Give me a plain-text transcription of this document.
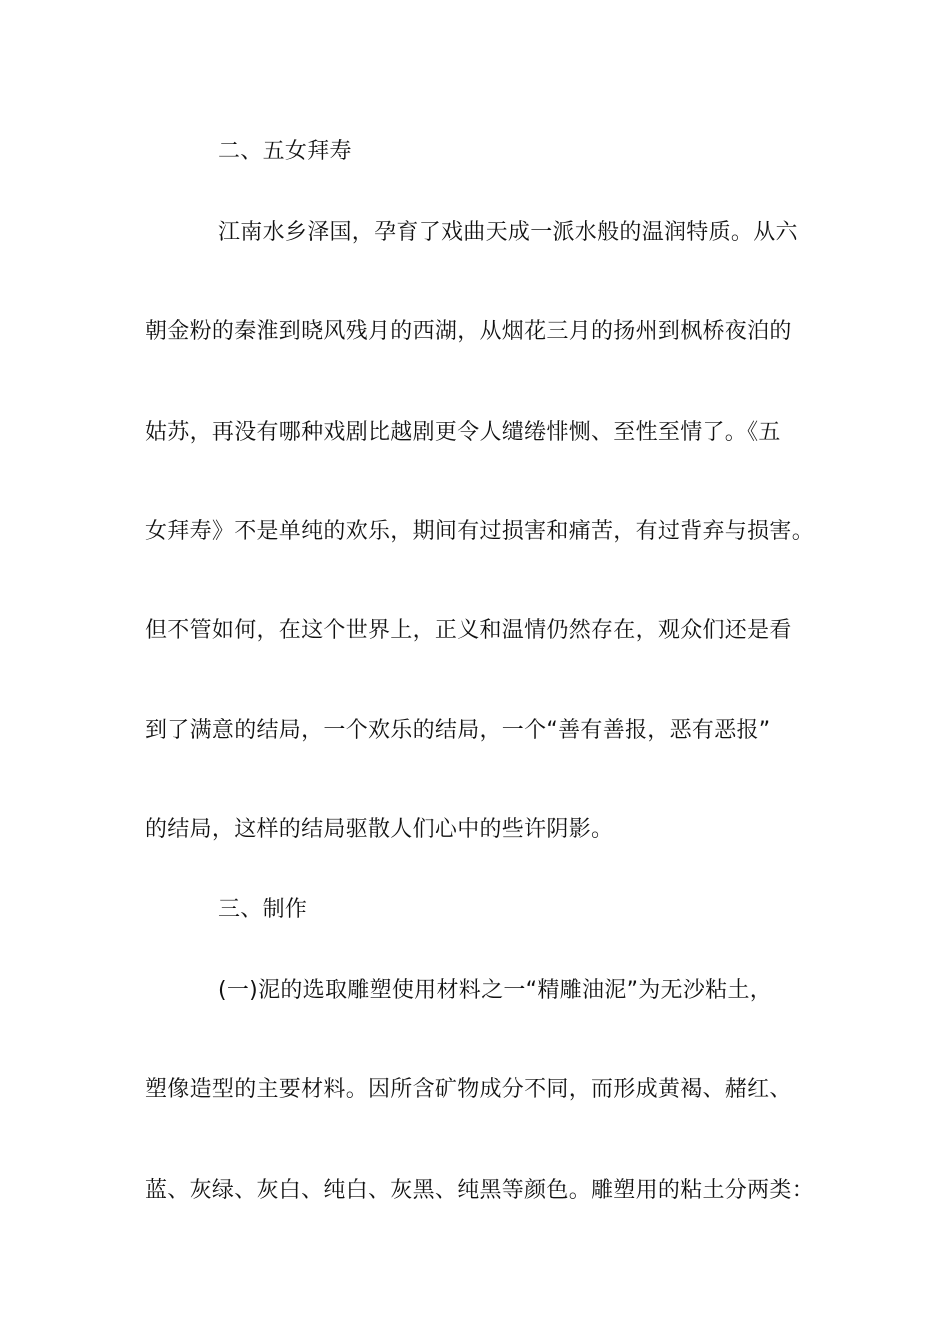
二、五女拜寿
江南水乡泽国，孕育了戏曲天成一派水般的温润特质。从六
朝金粉的秦淮到晓风残月的西湖，从烟花三月的扬州到枫桥夜泊的
姑苏，再没有哪种戏剧比越剧更令人缱绻悱恻、至性至情了。《五
女拜寿》不是单纯的欢乐，期间有过损害和痛苦，有过背弃与损害。
但不管如何，在这个世界上，正义和温情仍然存在，观众们还是看
到了满意的结局，一个欢乐的结局，一个“善有善报，恶有恶报”
的结局，这样的结局驱散人们心中的些许阴影。
三、制作
(一)泥的选取雕塑使用材料之一“精雕油泥”为无沙粘土，
塑像造型的主要材料。因所含矿物成分不同，而形成黄褐、赭红、
蓝、灰绿、灰白、纯白、灰黑、纯黑等颜色。雕塑用的粘土分两类：
